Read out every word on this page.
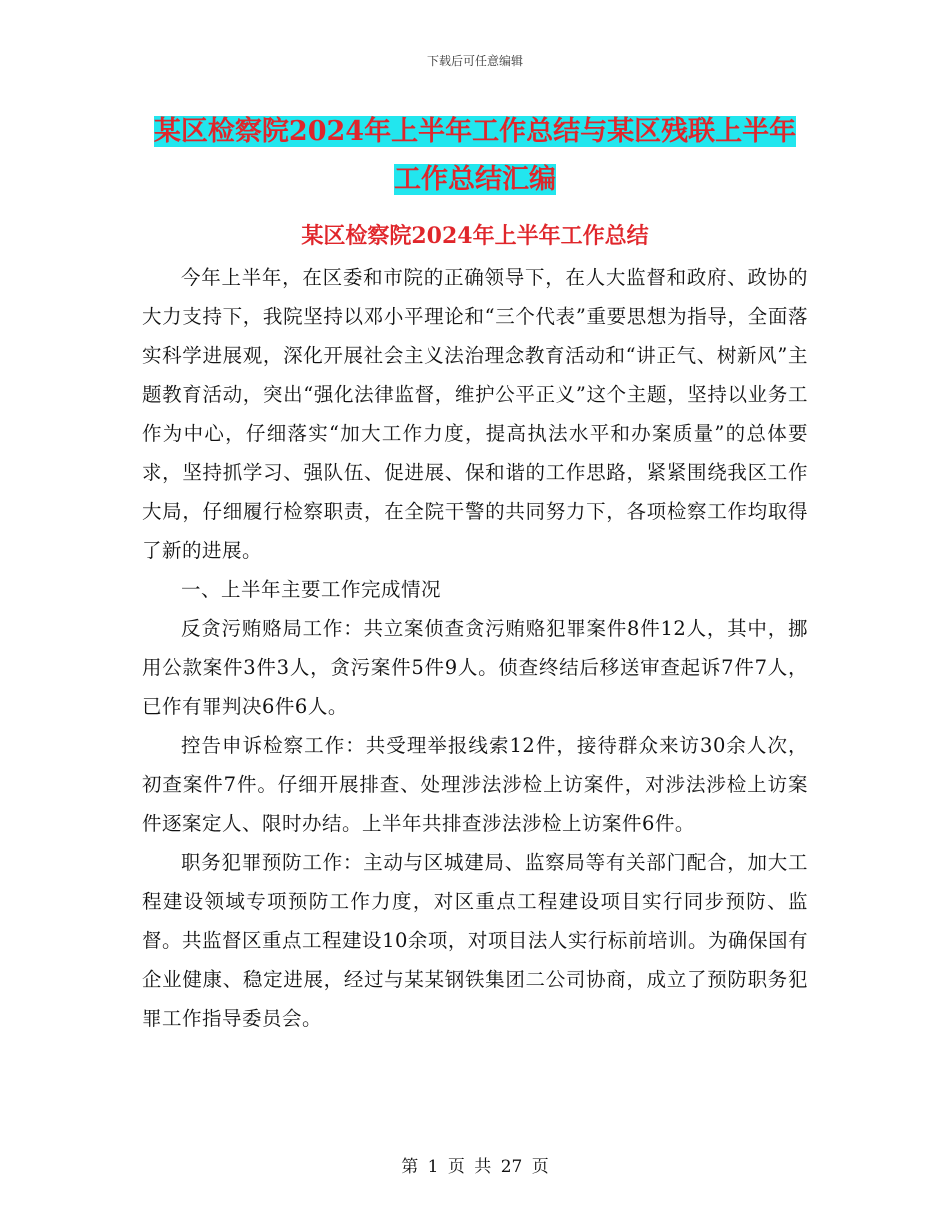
下载后可任意编辑
某区检察院2024年上半年工作总结与某区残联上半年
工作总结汇编
某区检察院2024年上半年工作总结

今年上半年，在区委和市院的正确领导下，在人大监督和政府、政协的大力支持下，我院坚持以邓小平理论和“三个代表”重要思想为指导，全面落实科学进展观，深化开展社会主义法治理念教育活动和“讲正气、树新风”主题教育活动，突出“强化法律监督，维护公平正义”这个主题，坚持以业务工作为中心，仔细落实“加大工作力度，提高执法水平和办案质量”的总体要求，坚持抓学习、强队伍、促进展、保和谐的工作思路，紧紧围绕我区工作大局，仔细履行检察职责，在全院干警的共同努力下，各项检察工作均取得了新的进展。

一、上半年主要工作完成情况

反贪污贿赂局工作：共立案侦查贪污贿赂犯罪案件8件12人，其中，挪用公款案件3件3人，贪污案件5件9人。侦查终结后移送审查起诉7件7人，已作有罪判决6件6人。

控告申诉检察工作：共受理举报线索12件，接待群众来访30余人次，初查案件7件。仔细开展排查、处理涉法涉检上访案件，对涉法涉检上访案件逐案定人、限时办结。上半年共排查涉法涉检上访案件6件。

职务犯罪预防工作：主动与区城建局、监察局等有关部门配合，加大工程建设领域专项预防工作力度，对区重点工程建设项目实行同步预防、监督。共监督区重点工程建设10余项，对项目法人实行标前培训。为确保国有企业健康、稳定进展，经过与某某钢铁集团二公司协商，成立了预防职务犯罪工作指导委员会。

第 1 页 共 27 页
